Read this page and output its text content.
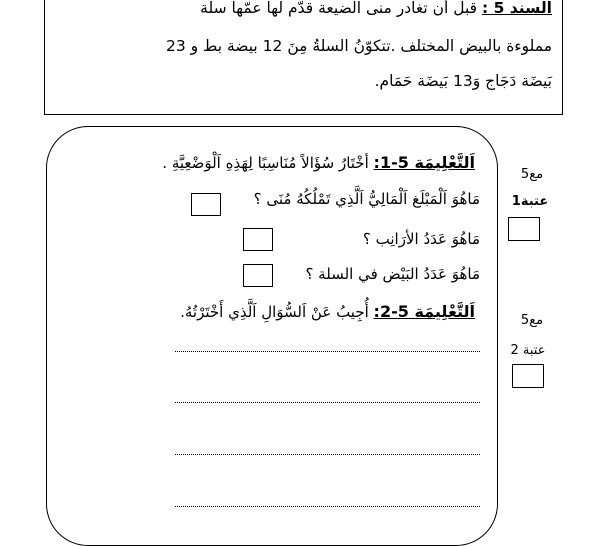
السند 5 : قبل أن تغادر منى الضيعة قدّم لها عمّها سلّة
مملوءة بالبيض المختلف .تتكوّنُ السلةُ مِنَ 12 بيضة بط و 23
بَيضَة دَجَاج وَ13 بَيضَة حَمَام.
اَلتَّعْلِيمَة 5-1: أخْتَارُ سُؤَالاً مُنَاسِبًا لِهَذِهِ اَلْوَضْعِيَّةِ .
مَاهُوَ اَلْمَبْلَغ اَلْمَالِيُّ اَلَّذِي تَمْلُكُهُ مُنَى ؟
مَاهُوَ عَدَدُ الأرَانِب ؟
مَاهُوَ عَدَدُ البَيْض في السلة ؟
اَلتَّعْلِيمَة 5-2: أُجِيبُ عَنْ اَلسُّوَالِ اَلَّذِي أَخْتَرْتُهُ.
مع5
عتبة1
مع5
عتبة 2
